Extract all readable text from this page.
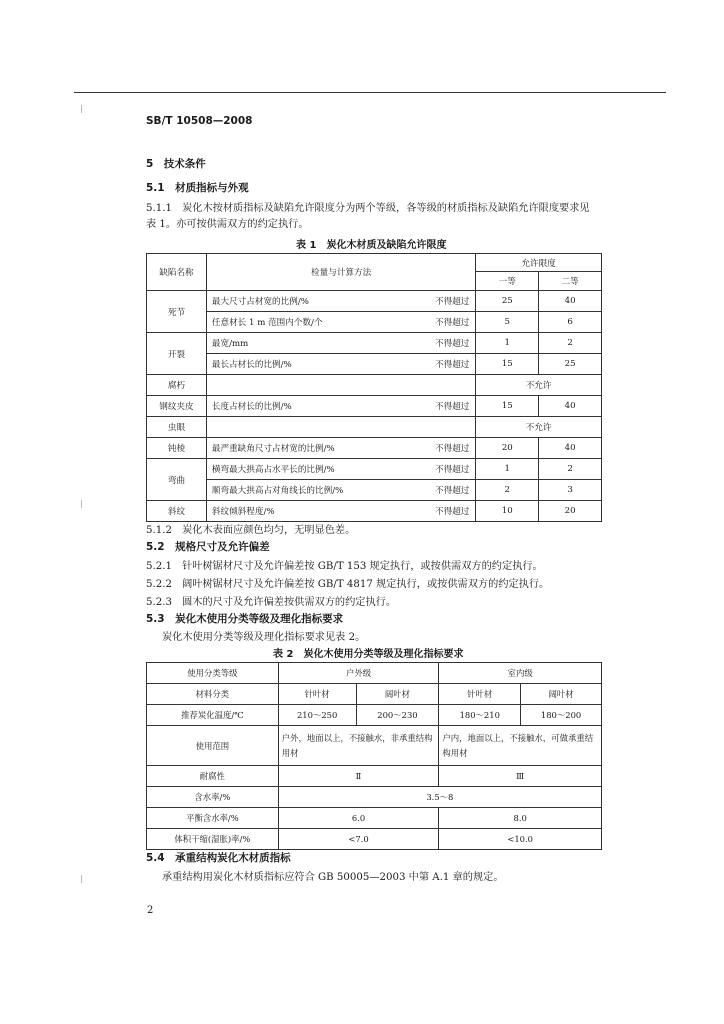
SB/T 10508—2008
5　技术条件
5.1　材质指标与外观
5.1.1　炭化木按材质指标及缺陷允许限度分为两个等级，各等级的材质指标及缺陷允许限度要求见
表 1。亦可按供需双方的约定执行。
表 1　炭化木材质及缺陷允许限度
缺陷名称	检量与计算方法		允许限度	
			一等	二等
死节	最大尺寸占材宽的比例/%	不得超过	25	40
	任意材长 1 m 范围内个数/个	不得超过	5	6
开裂	最宽/mm	不得超过	1	2
	最长占材长的比例/%	不得超过	15	25
腐朽			不允许	
钢纹夹皮	长度占材长的比例/%	不得超过	15	40
虫眼			不允许	
钝棱	最严重缺角尺寸占材宽的比例/%	不得超过	20	40
弯曲	横弯最大拱高占水平长的比例/%	不得超过	1	2
	顺弯最大拱高占对角线长的比例/%	不得超过	2	3
斜纹	斜纹倾斜程度/%	不得超过	10	20
5.1.2　炭化木表面应颜色均匀，无明显色差。
5.2　规格尺寸及允许偏差
5.2.1　针叶树锯材尺寸及允许偏差按 GB/T 153 规定执行，或按供需双方的约定执行。
5.2.2　阔叶树锯材尺寸及允许偏差按 GB/T 4817 规定执行，或按供需双方的约定执行。
5.2.3　圆木的尺寸及允许偏差按供需双方的约定执行。
5.3　炭化木使用分类等级及理化指标要求
炭化木使用分类等级及理化指标要求见表 2。
表 2　炭化木使用分类等级及理化指标要求
使用分类等级	户外级		室内级	
材料分类	针叶材	阔叶材	针叶材	阔叶材
推荐炭化温度/℃	210～250	200～230	180～210	180～200
使用范围	户外，地面以上，不接触水，非承重结构用材		户内，地面以上，不接触水，可做承重结构用材	
耐腐性	Ⅱ		Ⅲ	
含水率/%	3.5～8			
平衡含水率/%	6.0		8.0	
体积干缩(湿胀)率/%	<7.0		<10.0	
5.4　承重结构炭化木材质指标
承重结构用炭化木材质指标应符合 GB 50005—2003 中第 A.1 章的规定。
2
